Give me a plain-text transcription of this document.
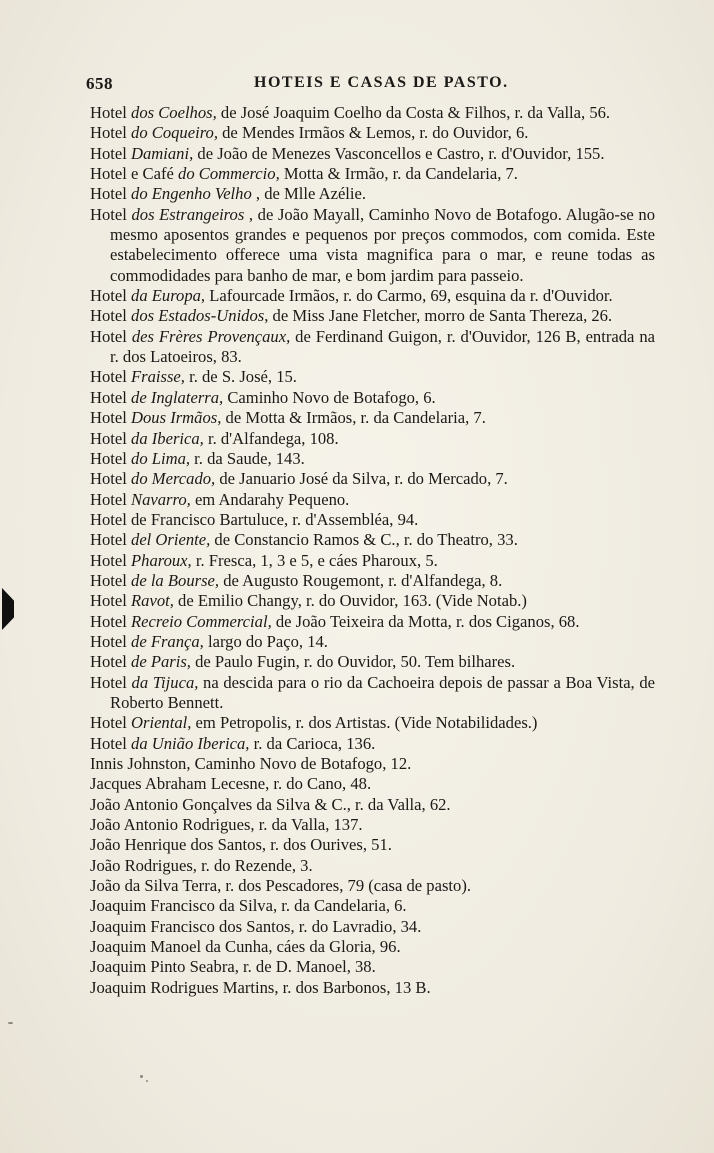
658	HOTEIS E CASAS DE PASTO.

Hotel dos Coelhos, de José Joaquim Coelho da Costa & Filhos, r. da Valla, 56.

Hotel do Coqueiro, de Mendes Irmãos & Lemos, r. do Ouvidor, 6.

Hotel Damiani, de João de Menezes Vasconcellos e Castro, r. d'Ouvidor, 155.

Hotel e Café do Commercio, Motta & Irmão, r. da Candelaria, 7.

Hotel do Engenho Velho , de Mlle Azélie.

Hotel dos Estrangeiros , de João Mayall, Caminho Novo de Botafogo. Alugão-se no mesmo aposentos grandes e pequenos por preços commodos, com comida. Este estabelecimento offerece uma vista magnifica para o mar, e reune todas as commodidades para banho de mar, e bom jardim para passeio.

Hotel da Europa, Lafourcade Irmãos, r. do Carmo, 69, esquina da r. d'Ouvidor.

Hotel dos Estados-Unidos, de Miss Jane Fletcher, morro de Santa Thereza, 26.

Hotel des Frères Provençaux, de Ferdinand Guigon, r. d'Ouvidor, 126 B, entrada na r. dos Latoeiros, 83.

Hotel Fraisse, r. de S. José, 15.

Hotel de Inglaterra, Caminho Novo de Botafogo, 6.

Hotel Dous Irmãos, de Motta & Irmãos, r. da Candelaria, 7.

Hotel da Iberica, r. d'Alfandega, 108.

Hotel do Lima, r. da Saude, 143.

Hotel do Mercado, de Januario José da Silva, r. do Mercado, 7.

Hotel Navarro, em Andarahy Pequeno.

Hotel de Francisco Bartuluce, r. d'Assembléa, 94.

Hotel del Oriente, de Constancio Ramos & C., r. do Theatro, 33.

Hotel Pharoux, r. Fresca, 1, 3 e 5, e cáes Pharoux, 5.

Hotel de la Bourse, de Augusto Rougemont, r. d'Alfandega, 8.

Hotel Ravot, de Emilio Changy, r. do Ouvidor, 163. (Vide Notab.)

Hotel Recreio Commercial, de João Teixeira da Motta, r. dos Ciganos, 68.

Hotel de França, largo do Paço, 14.

Hotel de Paris, de Paulo Fugin, r. do Ouvidor, 50. Tem bilhares.

Hotel da Tijuca, na descida para o rio da Cachoeira depois de passar a Boa Vista, de Roberto Bennett.

Hotel Oriental, em Petropolis, r. dos Artistas. (Vide Notabilidades.)

Hotel da União Iberica, r. da Carioca, 136.

Innis Johnston, Caminho Novo de Botafogo, 12.

Jacques Abraham Lecesne, r. do Cano, 48.

João Antonio Gonçalves da Silva & C., r. da Valla, 62.

João Antonio Rodrigues, r. da Valla, 137.

João Henrique dos Santos, r. dos Ourives, 51.

João Rodrigues, r. do Rezende, 3.

João da Silva Terra, r. dos Pescadores, 79 (casa de pasto).

Joaquim Francisco da Silva, r. da Candelaria, 6.

Joaquim Francisco dos Santos, r. do Lavradio, 34.

Joaquim Manoel da Cunha, cáes da Gloria, 96.

Joaquim Pinto Seabra, r. de D. Manoel, 38.

Joaquim Rodrigues Martins, r. dos Barbonos, 13 B.
